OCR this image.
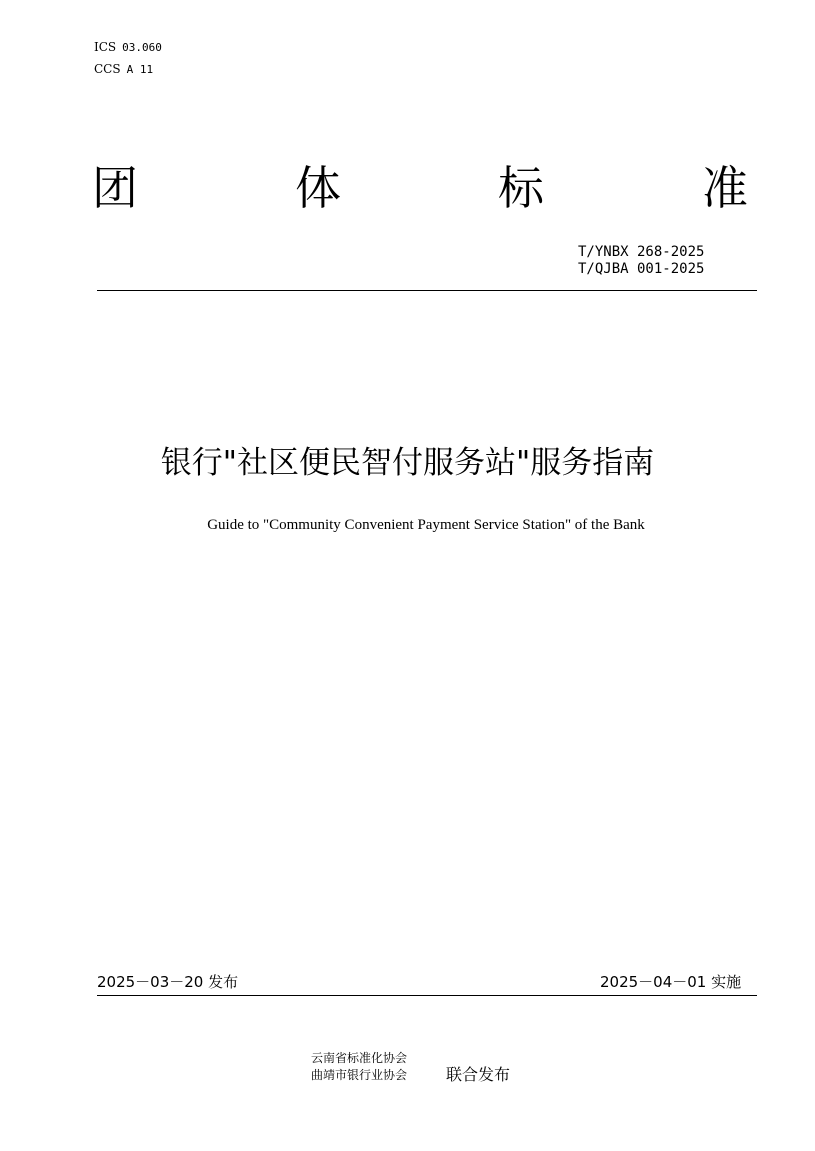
ICS 03.060
CCS A 11
团	体	标	准
T/YNBX 268-2025
T/QJBA 001-2025
银行"社区便民智付服务站"服务指南
Guide to "Community Convenient Payment Service Station" of the Bank
2025－03－20 发布	2025－04－01 实施
云南省标准化协会
曲靖市银行业协会 联合发布
